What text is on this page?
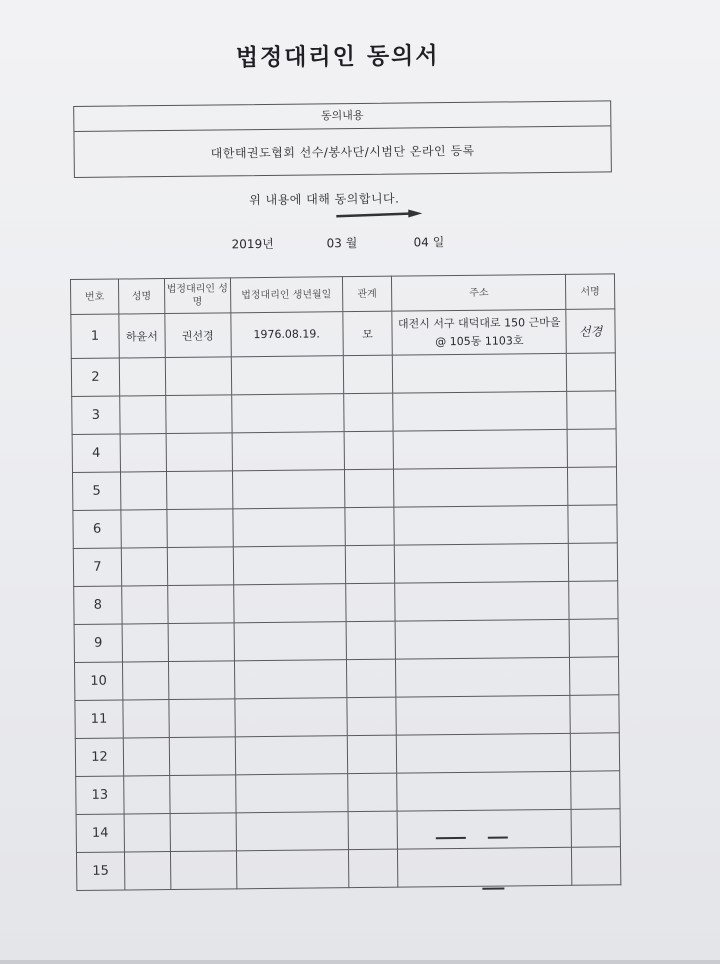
법정대리인 동의서
동의내용
대한태권도협회 선수/봉사단/시범단 온라인 등록
위 내용에 대해 동의합니다.
2019년	03 월	04 일
번호	성명	법정대리인 성명	법정대리인 생년월일	관계	주소	서명
1	하윤서	권선경	1976.08.19.	모	대전시 서구 대덕대로 150 근마을@ 105동 1103호	선경
2						
3						
4						
5						
6						
7						
8						
9						
10						
11						
12						
13						
14						
15						
